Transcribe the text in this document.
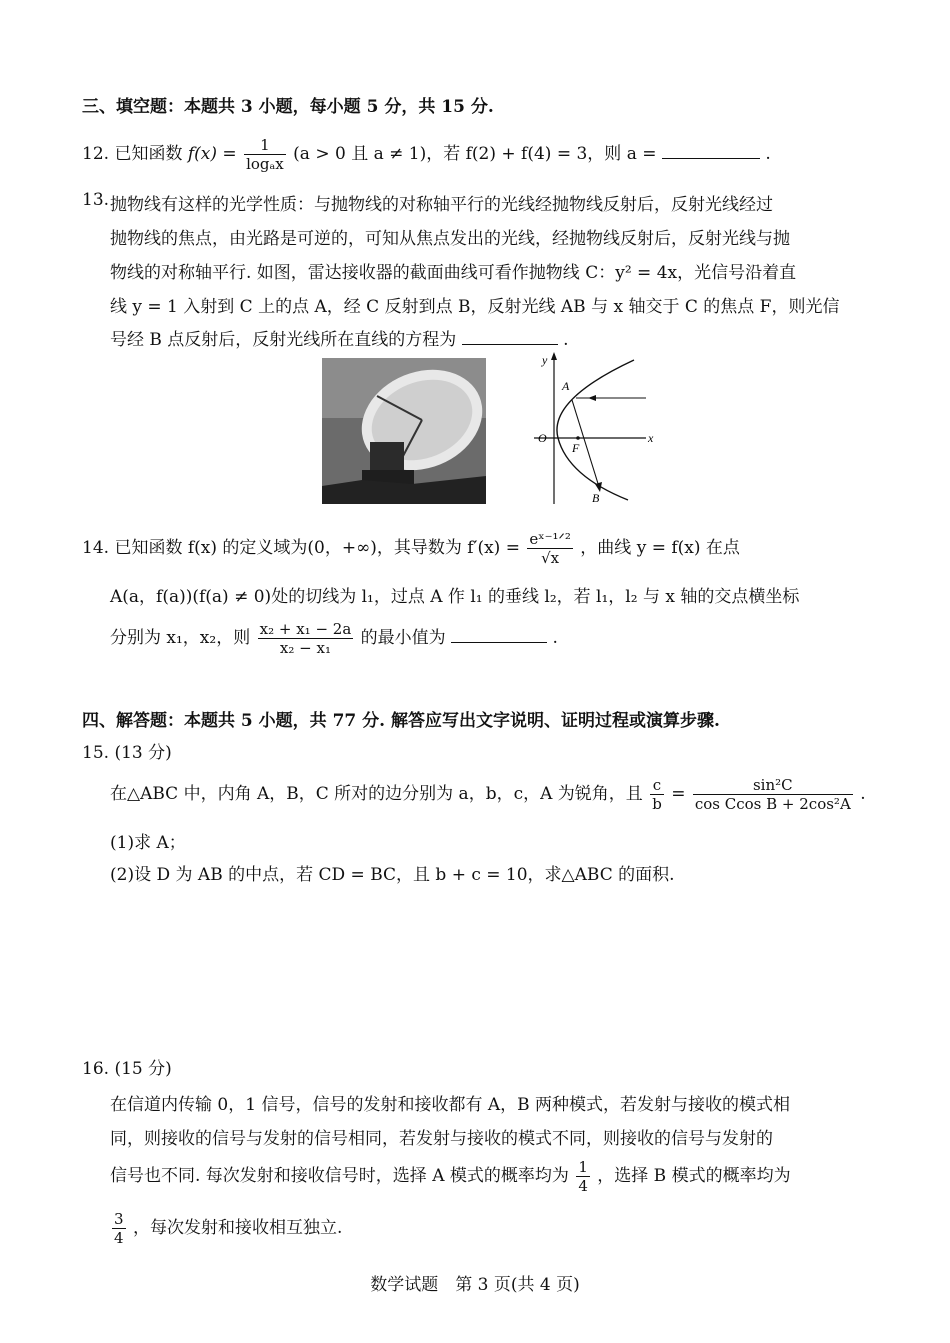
三、填空题：本题共 3 小题，每小题 5 分，共 15 分.
12. 已知函数 $f(x) = \frac{1}{\text{logₐx}} (a > 0$ 且 a ≠ 1)，若 f(2) + f(4) = 3，则 a =	.
13. 抛物线有这样的光学性质：与抛物线的对称轴平行的光线经抛物线反射后，反射光线经过
抛物线的焦点，由光路是可逆的，可知从焦点发出的光线，经抛物线反射后，反射光线与抛
物线的对称轴平行. 如图，雷达接收器的截面曲线可看作抛物线 C：y² = 4x，光信号沿着直
线 y = 1 入射到 C 上的点 A，经 C 反射到点 B，反射光线 AB 与 x 轴交于 C 的焦点 F，则光信
号经 B 点反射后，反射光线所在直线的方程为	.
y
x
O
A
F
B
14. 已知函数 f(x) 的定义域为(0，+∞)，其导数为 $f'(x) = \frac{\text{eˣ⁻¹ᐟ²}}{√x}$ ，曲线 y = f(x) 在点
A(a，f(a))(f(a) ≠ 0)处的切线为 l₁，过点 A 作 l₁ 的垂线 l₂，若 l₁，l₂ 与 x 轴的交点横坐标
分别为 x₁，x₂，则 $\frac{\text{x₂ + x₁ − 2a}}{\text{x₂ − x₁}}$ 的最小值为	.
四、解答题：本题共 5 小题，共 77 分. 解答应写出文字说明、证明过程或演算步骤.
15. (13 分)
在△ABC 中，内角 A，B，C 所对的边分别为 a，b，c，A 为锐角，且 $\frac{c}{b} = \frac{\text{sin²C}}{\text{cos Ccos B + 2cos²A}}$ .
(1)求 A；
(2)设 D 为 AB 的中点，若 CD = BC，且 b + c = 10，求△ABC 的面积.
16. (15 分)
在信道内传输 0，1 信号，信号的发射和接收都有 A，B 两种模式，若发射与接收的模式相
同，则接收的信号与发射的信号相同，若发射与接收的模式不同，则接收的信号与发射的
信号也不同. 每次发射和接收信号时，选择 A 模式的概率均为 $\frac{1}{4}$ ，选择 B 模式的概率均为
$\frac{3}{4}$ ，每次发射和接收相互独立.
数学试题　第 3 页(共 4 页)
